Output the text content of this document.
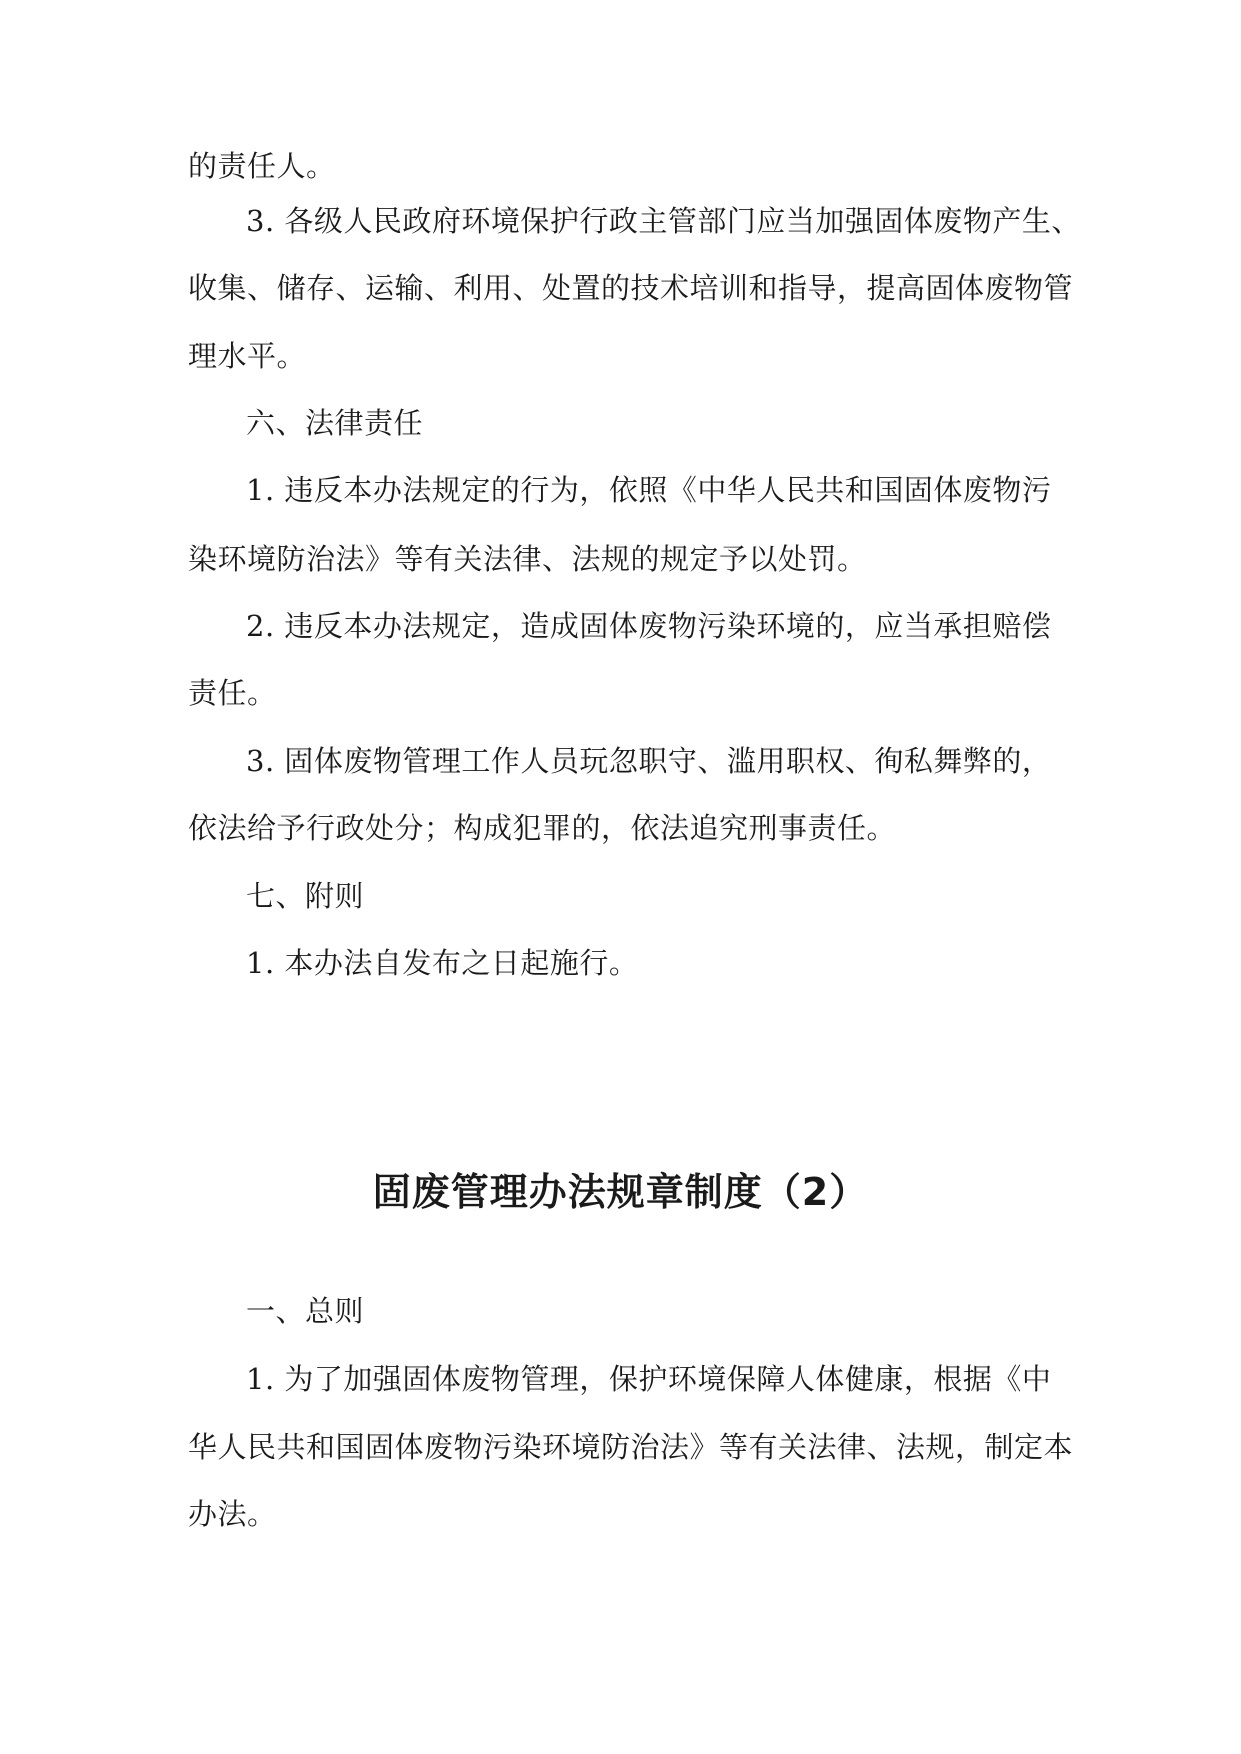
的责任人。

3. 各级人民政府环境保护行政主管部门应当加强固体废物产生、

收集、储存、运输、利用、处置的技术培训和指导，提高固体废物管

理水平。

六、法律责任

1. 违反本办法规定的行为，依照《中华人民共和国固体废物污

染环境防治法》等有关法律、法规的规定予以处罚。

2. 违反本办法规定，造成固体废物污染环境的，应当承担赔偿

责任。

3. 固体废物管理工作人员玩忽职守、滥用职权、徇私舞弊的，

依法给予行政处分；构成犯罪的，依法追究刑事责任。

七、附则

1. 本办法自发布之日起施行。

固废管理办法规章制度（2）

一、总则

1. 为了加强固体废物管理，保护环境保障人体健康，根据《中

华人民共和国固体废物污染环境防治法》等有关法律、法规，制定本

办法。
